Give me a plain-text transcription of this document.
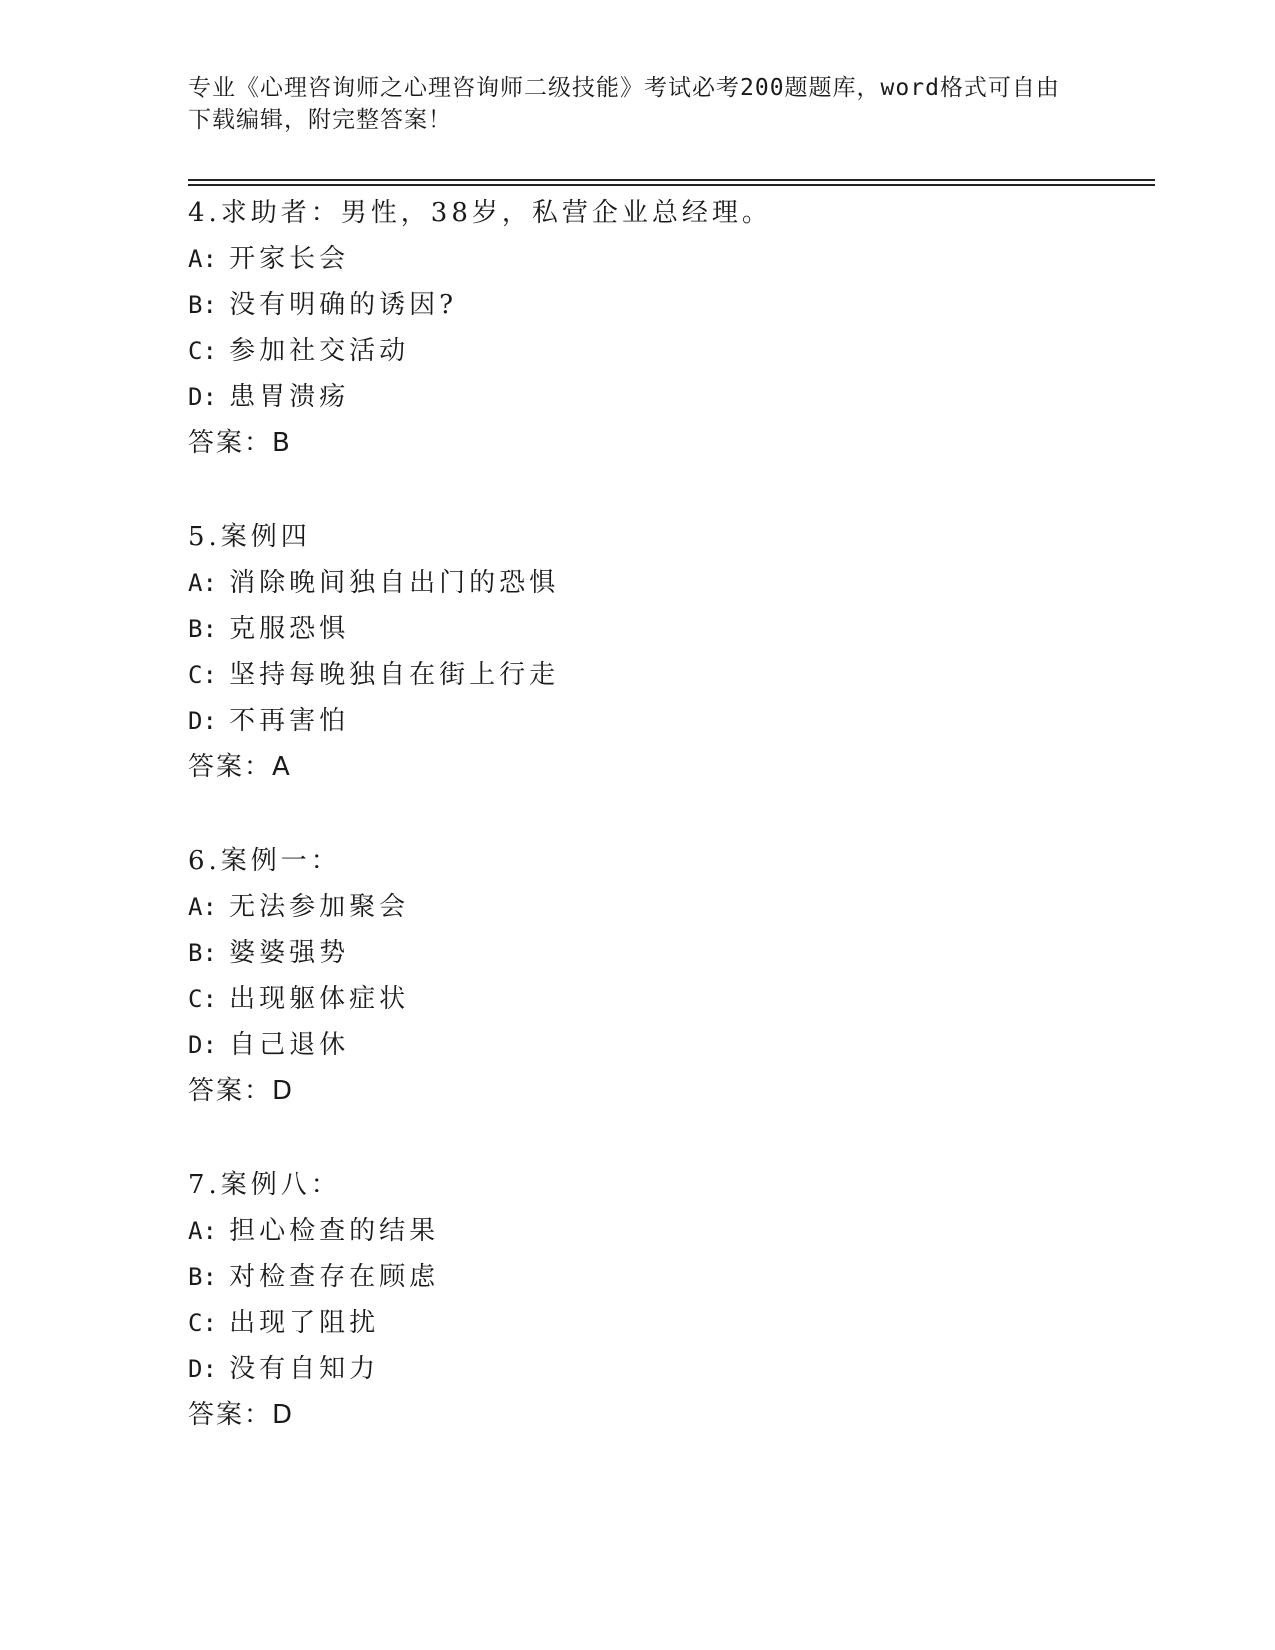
专业《心理咨询师之心理咨询师二级技能》考试必考200题题库，word格式可自由下载编辑，附完整答案！
4.求助者：男性，38岁，私营企业总经理。
A: 开家长会
B: 没有明确的诱因?
C: 参加社交活动
D: 患胃溃疡
答案：B
5.案例四
A: 消除晚间独自出门的恐惧
B: 克服恐惧
C: 坚持每晚独自在街上行走
D: 不再害怕
答案：A
6.案例一：
A: 无法参加聚会
B: 婆婆强势
C: 出现躯体症状
D: 自己退休
答案：D
7.案例八：
A: 担心检查的结果
B: 对检查存在顾虑
C: 出现了阻扰
D: 没有自知力
答案：D
